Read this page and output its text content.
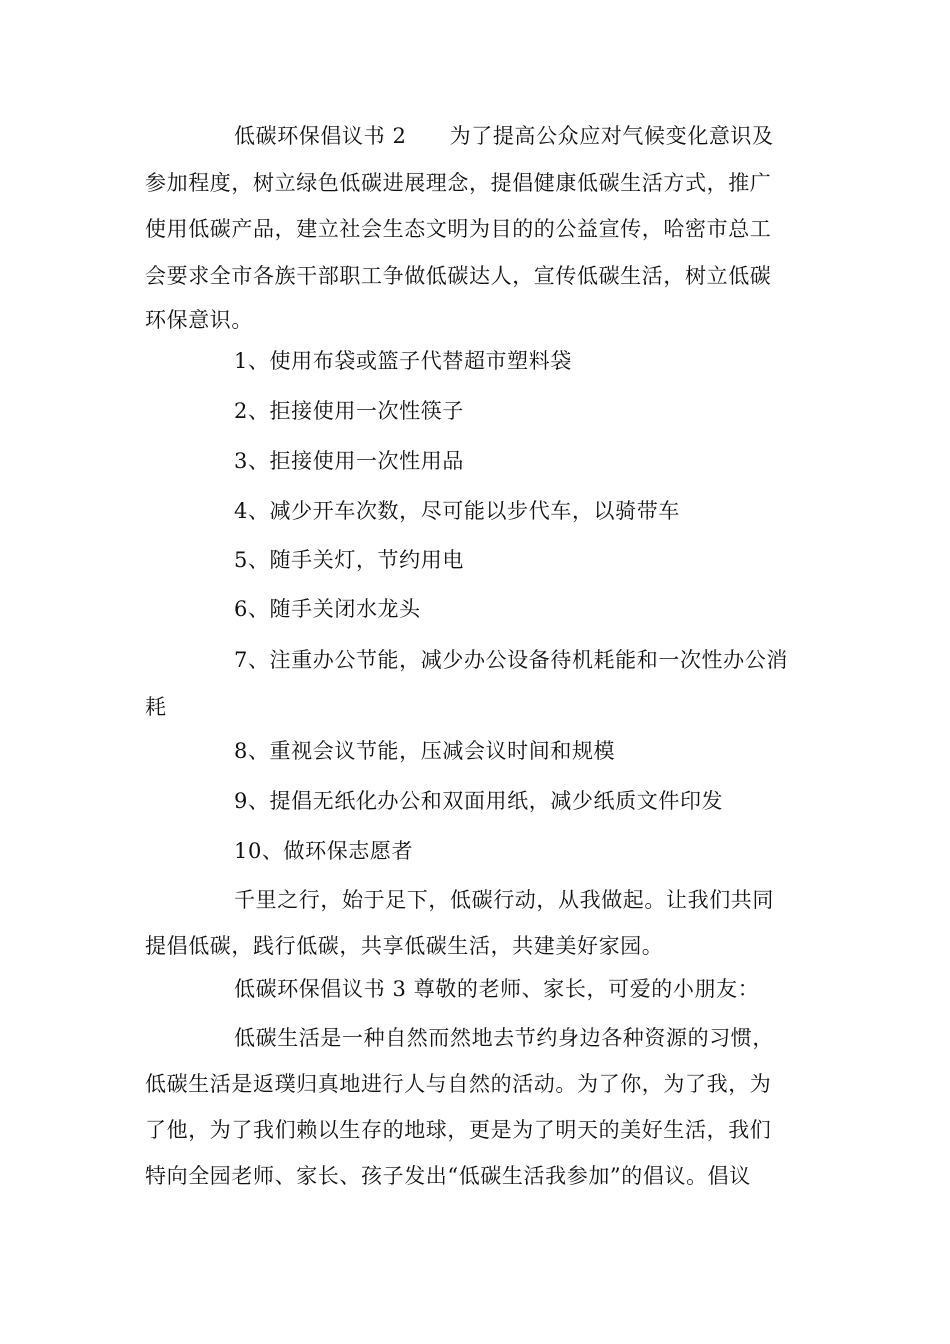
低碳环保倡议书 2　　为了提高公众应对气候变化意识及
参加程度，树立绿色低碳进展理念，提倡健康低碳生活方式，推广
使用低碳产品，建立社会生态文明为目的的公益宣传，哈密市总工
会要求全市各族干部职工争做低碳达人，宣传低碳生活，树立低碳
环保意识。
1、使用布袋或篮子代替超市塑料袋
2、拒接使用一次性筷子
3、拒接使用一次性用品
4、减少开车次数，尽可能以步代车，以骑带车
5、随手关灯，节约用电
6、随手关闭水龙头
7、注重办公节能，减少办公设备待机耗能和一次性办公消
耗
8、重视会议节能，压减会议时间和规模
9、提倡无纸化办公和双面用纸，减少纸质文件印发
10、做环保志愿者
千里之行，始于足下，低碳行动，从我做起。让我们共同
提倡低碳，践行低碳，共享低碳生活，共建美好家园。
低碳环保倡议书 3 尊敬的老师、家长，可爱的小朋友：
低碳生活是一种自然而然地去节约身边各种资源的习惯，
低碳生活是返璞归真地进行人与自然的活动。为了你，为了我，为
了他，为了我们赖以生存的地球，更是为了明天的美好生活，我们
特向全园老师、家长、孩子发出“低碳生活我参加”的倡议。倡议
